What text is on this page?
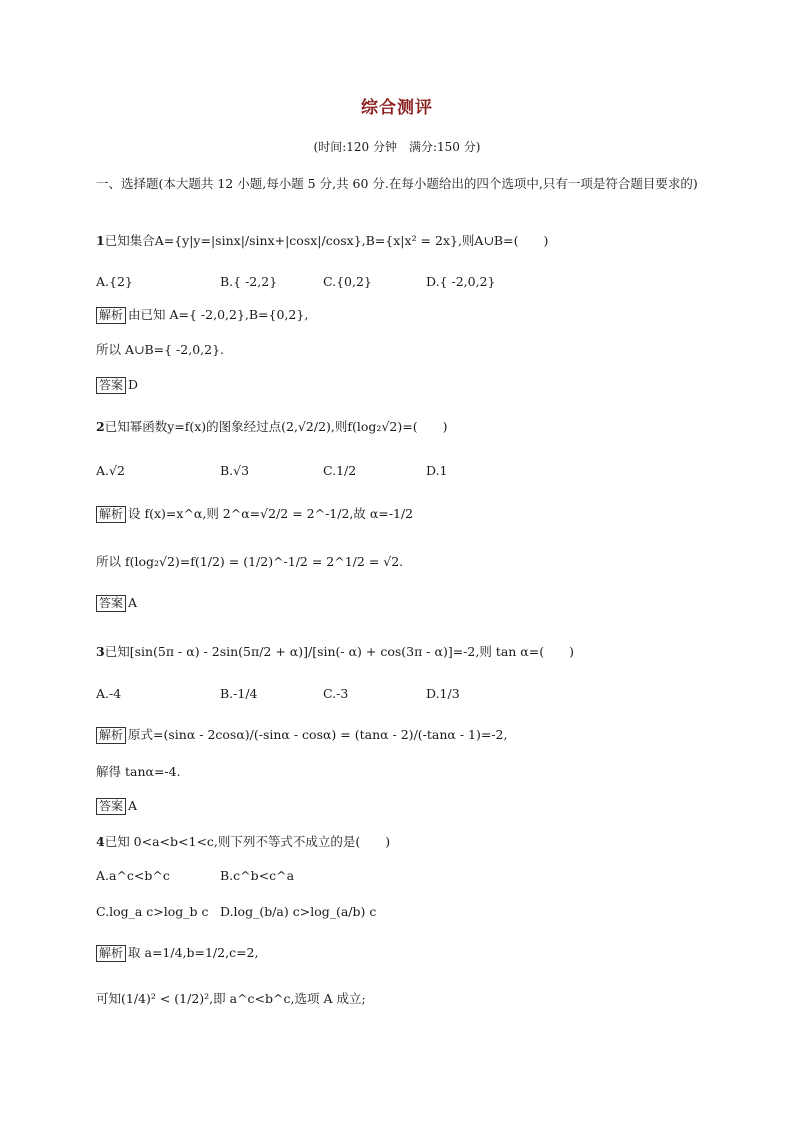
综合测评
(时间:120 分钟　满分:150 分)
一、选择题(本大题共 12 小题,每小题 5 分,共 60 分.在每小题给出的四个选项中,只有一项是符合题目要求的)
1已知集合A={y|y=|sinx|/sinx+|cosx|/cosx},B={x|x² = 2x},则A∪B=(　　)
A.{2}	B.{ -2,2}	C.{0,2}	D.{ -2,0,2}
解析 由已知 A={ -2,0,2},B={0,2},
所以 A∪B={ -2,0,2}.
答案 D
2已知幂函数y=f(x)的图象经过点(2,√2/2),则f(log₂√2)=(　　)
A.√2	B.√3	C.1/2	D.1
解析 设 f(x)=x^α,则 2^α=√2/2 = 2^-1/2,故 α=-1/2
所以 f(log₂√2)=f(1/2) = (1/2)^-1/2 = 2^1/2 = √2.
答案 A
3已知[sin(5π - α) - 2sin(5π/2 + α)]/[sin(- α) + cos(3π - α)]=-2,则 tan α=(　　)
A.-4	B.-1/4	C.-3	D.1/3
解析 原式=(sinα - 2cosα)/(-sinα - cosα) = (tanα - 2)/(-tanα - 1)=-2,
解得 tanα=-4.
答案 A
4已知 0<a<b<1<c,则下列不等式不成立的是(　　)
A.a^c<b^c	B.c^b<c^a
C.log_a c>log_b c D.log_(b/a) c>log_(a/b) c
解析 取 a=1/4,b=1/2,c=2,
可知(1/4)² < (1/2)²,即 a^c<b^c,选项 A 成立;
